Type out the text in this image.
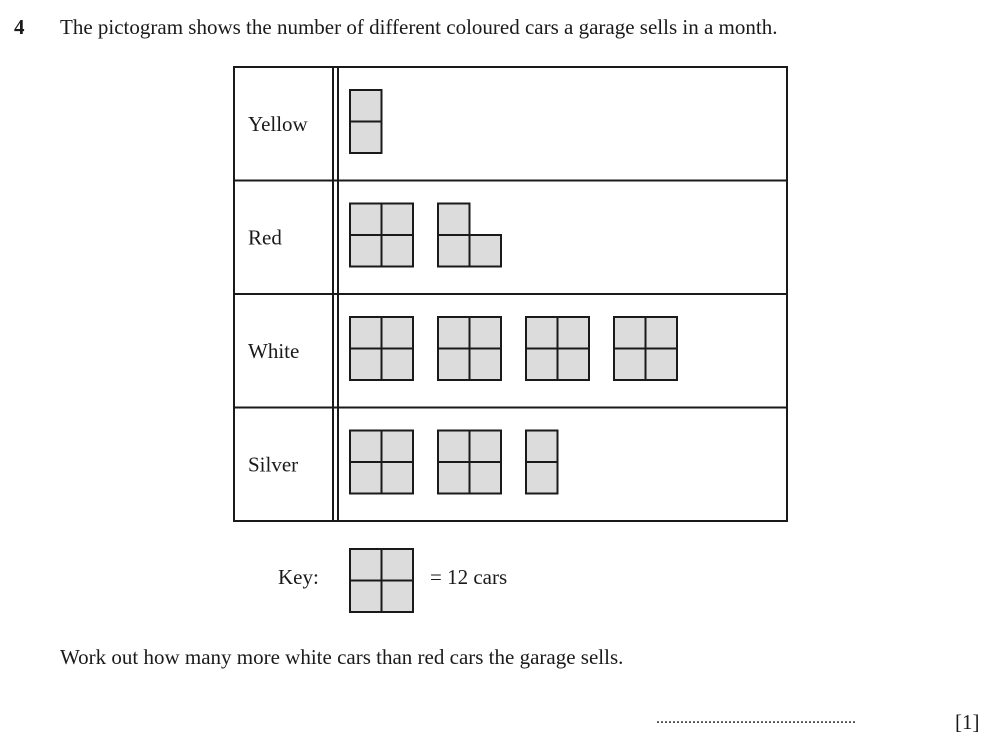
4 The pictogram shows the number of different coloured cars a garage sells in a month.
Yellow
Red
White
Silver
Key:	= 12 cars
Work out how many more white cars than red cars the garage sells.
..................................................	[1]
